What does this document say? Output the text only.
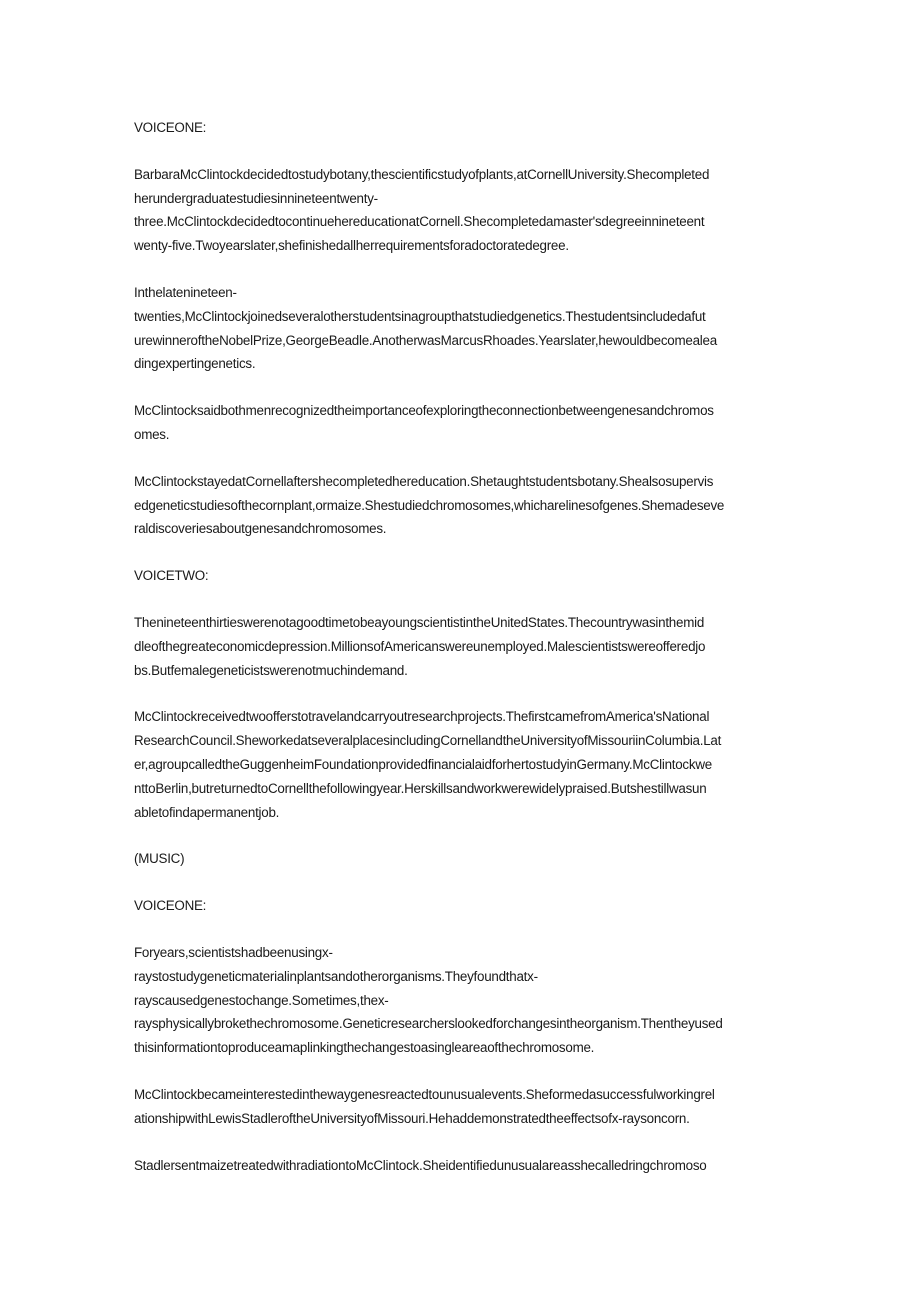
VOICEONE:

BarbaraMcClintockdecidedtostudybotany,thescientificstudyofplants,atCornellUniversity.Shecompleted
herundergraduatestudiesinnineteentwenty-
three.McClintockdecidedtocontinuehereducationatCornell.Shecompletedamaster'sdegreeinnineteent
wenty-five.Twoyearslater,shefinishedallherrequirementsforadoctoratedegree.

Inthelatenineteen-
twenties,McClintockjoinedseveralotherstudentsinagroupthatstudiedgenetics.Thestudentsincludedafut
urewinneroftheNobelPrize,GeorgeBeadle.AnotherwasMarcusRhoades.Yearslater,hewouldbecomealea
dingexpertingenetics.

McClintocksaidbothmenrecognizedtheimportanceofexploringtheconnectionbetweengenesandchromos
omes.

McClintockstayedatCornellaftershecompletedhereducation.Shetaughtstudentsbotany.Shealsosupervis
edgeneticstudiesofthecornplant,ormaize.Shestudiedchromosomes,whicharelinesofgenes.Shemadeseve
raldiscoveriesaboutgenesandchromosomes.

VOICETWO:

ThenineteenthirtieswerenotagoodtimetobeayoungscientistintheUnitedStates.Thecountrywasinthemid
dleofthegreateconomicdepression.MillionsofAmericanswereunemployed.Malescientistswereofferedjo
bs.Butfemalegeneticistswerenotmuchindemand.

McClintockreceivedtwoofferstotravelandcarryoutresearchprojects.ThefirstcamefromAmerica'sNational
ResearchCouncil.SheworkedatseveralplacesincludingCornellandtheUniversityofMissouriinColumbia.Lat
er,agroupcalledtheGuggenheimFoundationprovidedfinancialaidforhertostudyinGermany.McClintockwe
nttoBerlin,butreturnedtoCornellthefollowingyear.Herskillsandworkwerewidelypraised.Butshestillwasun
abletofindapermanentjob.

(MUSIC)

VOICEONE:

Foryears,scientistshadbeenusingx-
raystostudygeneticmaterialinplantsandotherorganisms.Theyfoundthatx-
rayscausedgenestochange.Sometimes,thex-
raysphysicallybrokethechromosome.Geneticresearcherslookedforchangesintheorganism.Thentheyused
thisinformationtoproduceamaplinkingthechangestoasingleareaofthechromosome.

McClintockbecameinterestedinthewaygenesreactedtounusualevents.Sheformedasuccessfulworkingrel
ationshipwithLewisStadleroftheUniversityofMissouri.Hehaddemonstratedtheeffectsofx-raysoncorn.

StadlersentmaizetreatedwithradiationtoMcClintock.Sheidentifiedunusualareasshecalledringchromoso
